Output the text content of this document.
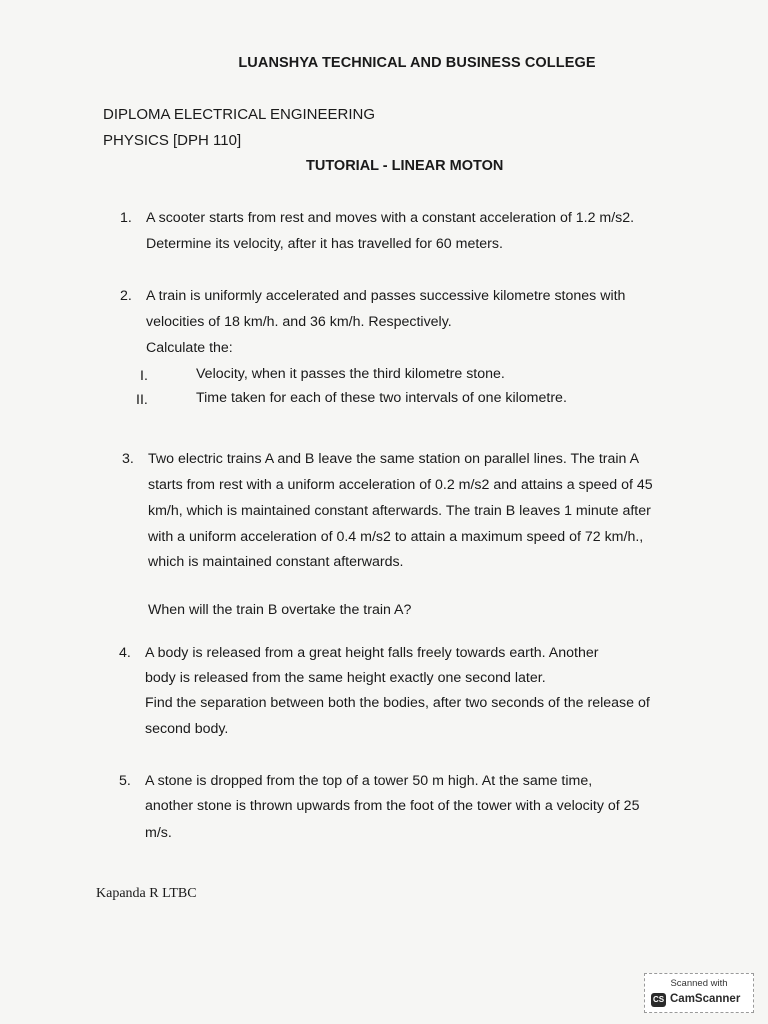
LUANSHYA TECHNICAL AND BUSINESS COLLEGE
DIPLOMA ELECTRICAL ENGINEERING
PHYSICS [DPH 110]
TUTORIAL - LINEAR MOTON
1. A scooter starts from rest and moves with a constant acceleration of 1.2 m/s2.
Determine its velocity, after it has travelled for 60 meters.
2. A train is uniformly accelerated and passes successive kilometre stones with
velocities of 18 km/h. and 36 km/h. Respectively.
Calculate the:
I.	Velocity, when it passes the third kilometre stone.
II.	Time taken for each of these two intervals of one kilometre.
3. Two electric trains A and B leave the same station on parallel lines. The train A
starts from rest with a uniform acceleration of 0.2 m/s2 and attains a speed of 45
km/h, which is maintained constant afterwards. The train B leaves 1 minute after
with a uniform acceleration of 0.4 m/s2 to attain a maximum speed of 72 km/h.,
which is maintained constant afterwards.
When will the train B overtake the train A?
4. A body is released from a great height falls freely towards earth. Another
body is released from the same height exactly one second later.
Find the separation between both the bodies, after two seconds of the release of
second body.
5. A stone is dropped from the top of a tower 50 m high. At the same time,
another stone is thrown upwards from the foot of the tower with a velocity of 25
m/s.
Kapanda R LTBC
Scanned with
CS CamScanner
